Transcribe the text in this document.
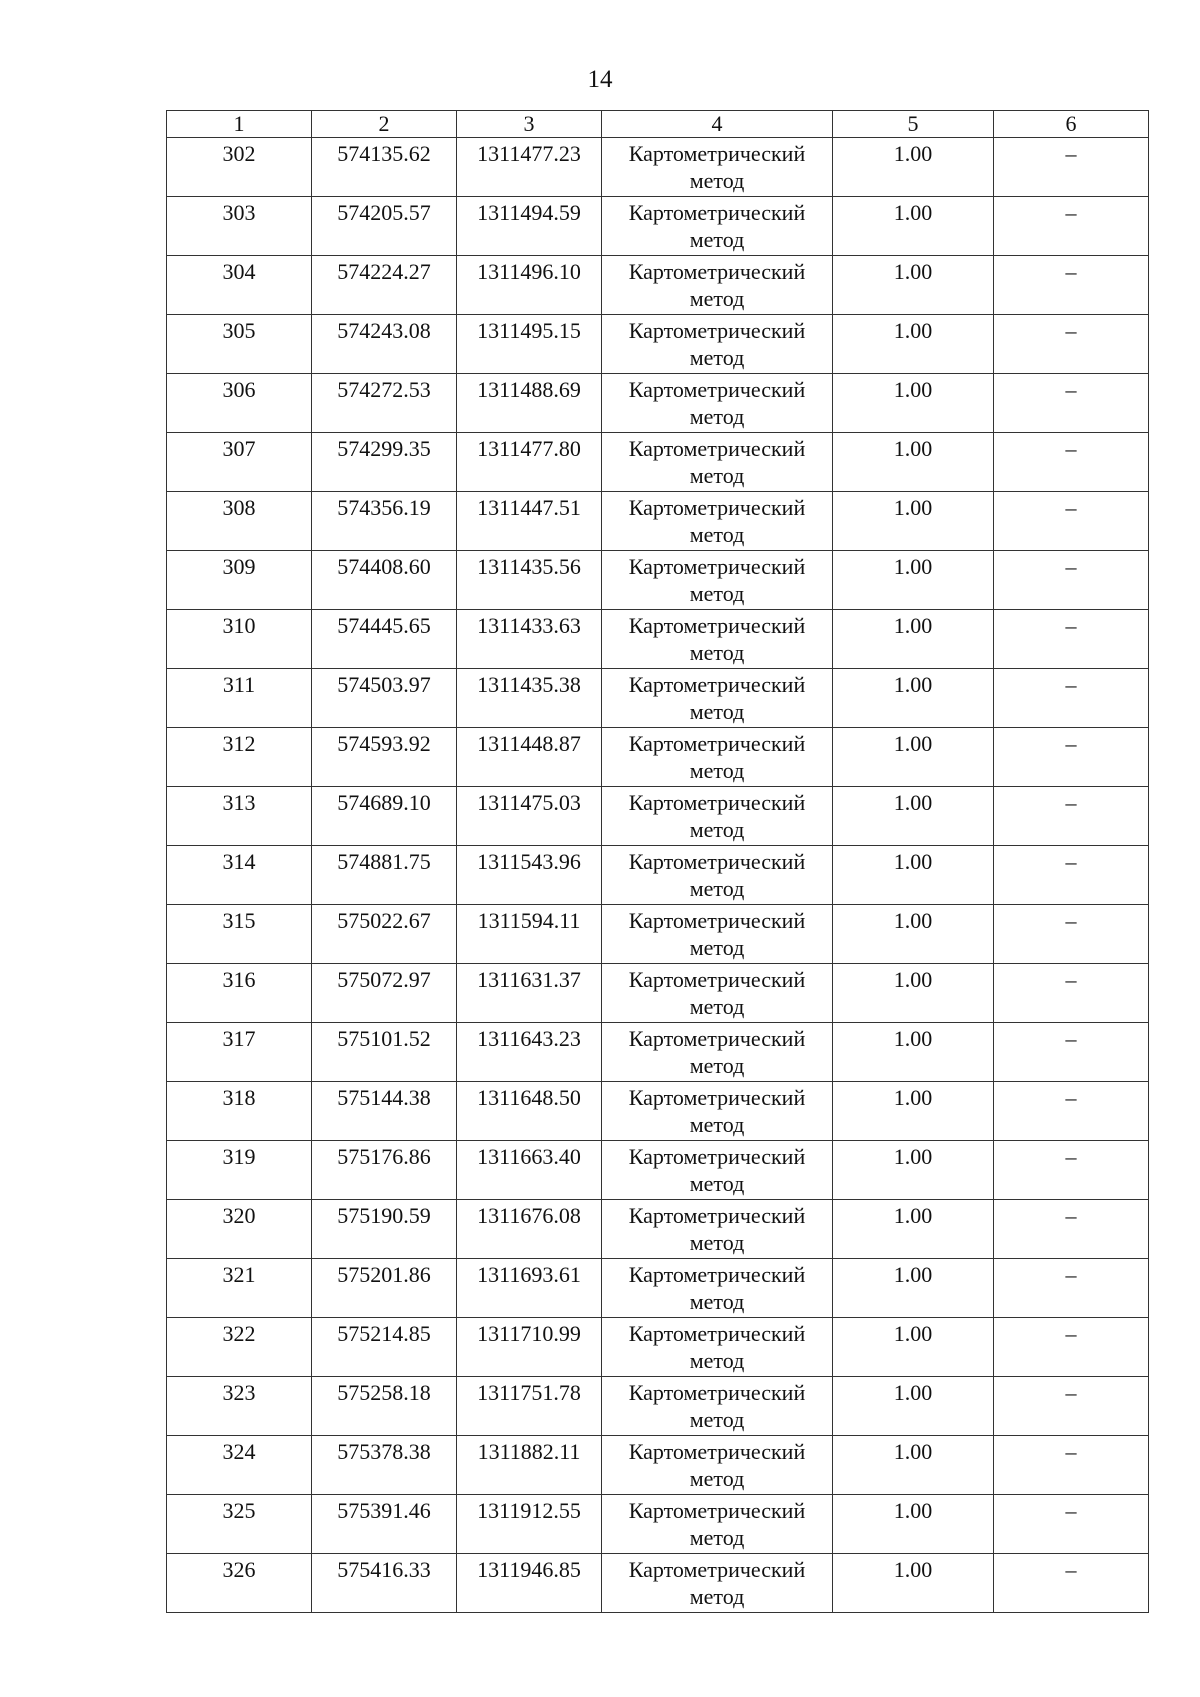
14
1	2	3	4	5	6
302	574135.62	1311477.23	Картометрический метод	1.00	–
303	574205.57	1311494.59	Картометрический метод	1.00	–
304	574224.27	1311496.10	Картометрический метод	1.00	–
305	574243.08	1311495.15	Картометрический метод	1.00	–
306	574272.53	1311488.69	Картометрический метод	1.00	–
307	574299.35	1311477.80	Картометрический метод	1.00	–
308	574356.19	1311447.51	Картометрический метод	1.00	–
309	574408.60	1311435.56	Картометрический метод	1.00	–
310	574445.65	1311433.63	Картометрический метод	1.00	–
311	574503.97	1311435.38	Картометрический метод	1.00	–
312	574593.92	1311448.87	Картометрический метод	1.00	–
313	574689.10	1311475.03	Картометрический метод	1.00	–
314	574881.75	1311543.96	Картометрический метод	1.00	–
315	575022.67	1311594.11	Картометрический метод	1.00	–
316	575072.97	1311631.37	Картометрический метод	1.00	–
317	575101.52	1311643.23	Картометрический метод	1.00	–
318	575144.38	1311648.50	Картометрический метод	1.00	–
319	575176.86	1311663.40	Картометрический метод	1.00	–
320	575190.59	1311676.08	Картометрический метод	1.00	–
321	575201.86	1311693.61	Картометрический метод	1.00	–
322	575214.85	1311710.99	Картометрический метод	1.00	–
323	575258.18	1311751.78	Картометрический метод	1.00	–
324	575378.38	1311882.11	Картометрический метод	1.00	–
325	575391.46	1311912.55	Картометрический метод	1.00	–
326	575416.33	1311946.85	Картометрический метод	1.00	–
